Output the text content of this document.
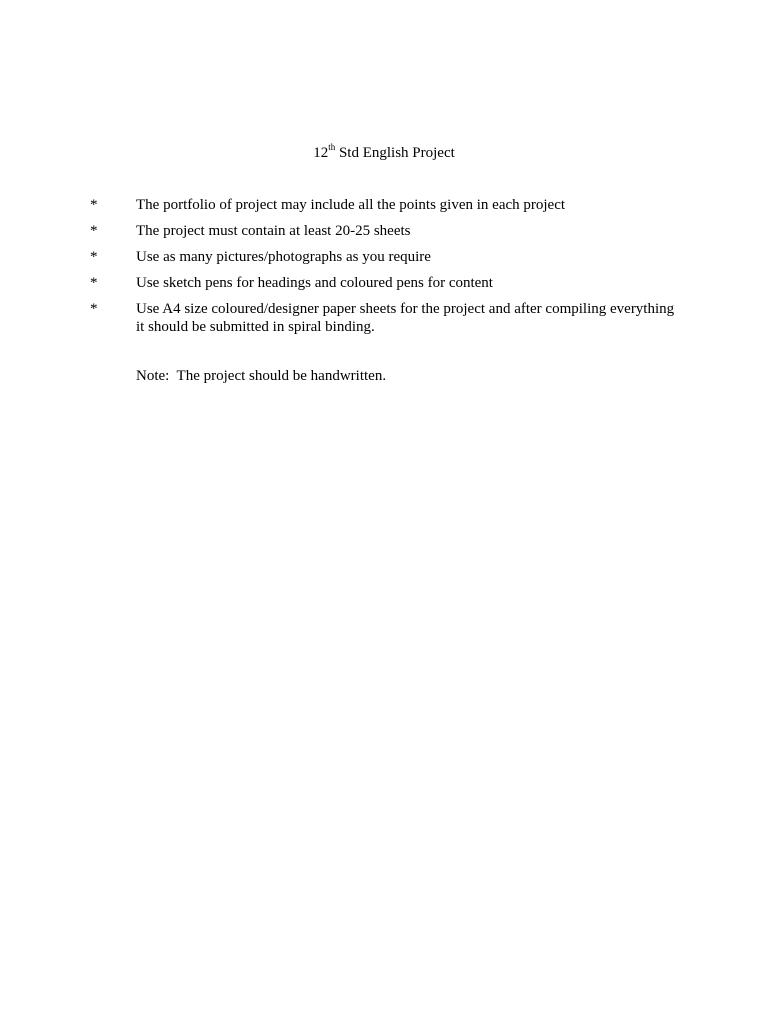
12th Std English Project
*	The portfolio of project may include all the points given in each project
*	The project must contain at least 20-25 sheets
*	Use as many pictures/photographs as you require
*	Use sketch pens for headings and coloured pens for content
*	Use A4 size coloured/designer paper sheets for the project and after compiling everything it should be submitted in spiral binding.
Note:  The project should be handwritten.
